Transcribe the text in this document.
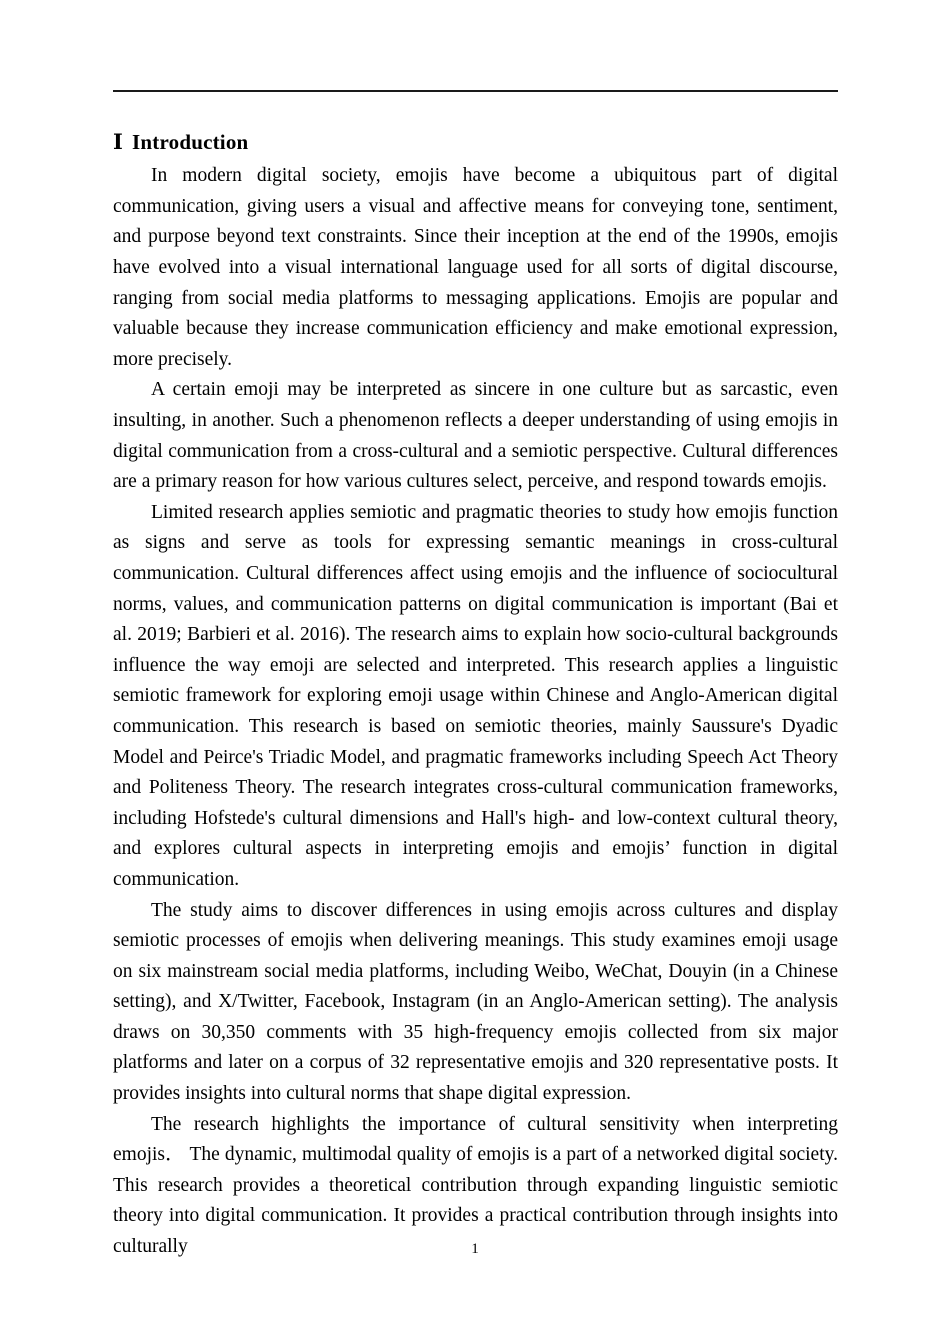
Ⅰ Introduction

In modern digital society, emojis have become a ubiquitous part of digital communication, giving users a visual and affective means for conveying tone, sentiment, and purpose beyond text constraints. Since their inception at the end of the 1990s, emojis have evolved into a visual international language used for all sorts of digital discourse, ranging from social media platforms to messaging applications. Emojis are popular and valuable because they increase communication efficiency and make emotional expression, more precisely.

A certain emoji may be interpreted as sincere in one culture but as sarcastic, even insulting, in another. Such a phenomenon reflects a deeper understanding of using emojis in digital communication from a cross-cultural and a semiotic perspective. Cultural differences are a primary reason for how various cultures select, perceive, and respond towards emojis.

Limited research applies semiotic and pragmatic theories to study how emojis function as signs and serve as tools for expressing semantic meanings in cross-cultural communication. Cultural differences affect using emojis and the influence of sociocultural norms, values, and communication patterns on digital communication is important (Bai et al. 2019; Barbieri et al. 2016). The research aims to explain how socio-cultural backgrounds influence the way emoji are selected and interpreted. This research applies a linguistic semiotic framework for exploring emoji usage within Chinese and Anglo-American digital communication. This research is based on semiotic theories, mainly Saussure's Dyadic Model and Peirce's Triadic Model, and pragmatic frameworks including Speech Act Theory and Politeness Theory. The research integrates cross-cultural communication frameworks, including Hofstede's cultural dimensions and Hall's high- and low-context cultural theory, and explores cultural aspects in interpreting emojis and emojis’ function in digital communication.

The study aims to discover differences in using emojis across cultures and display semiotic processes of emojis when delivering meanings. This study examines emoji usage on six mainstream social media platforms, including Weibo, WeChat, Douyin (in a Chinese setting), and X/Twitter, Facebook, Instagram (in an Anglo-American setting). The analysis draws on 30,350 comments with 35 high-frequency emojis collected from six major platforms and later on a corpus of 32 representative emojis and 320 representative posts. It provides insights into cultural norms that shape digital expression.

The research highlights the importance of cultural sensitivity when interpreting emojis． The dynamic, multimodal quality of emojis is a part of a networked digital society. This research provides a theoretical contribution through expanding linguistic semiotic theory into digital communication. It provides a practical contribution through insights into culturally	1
